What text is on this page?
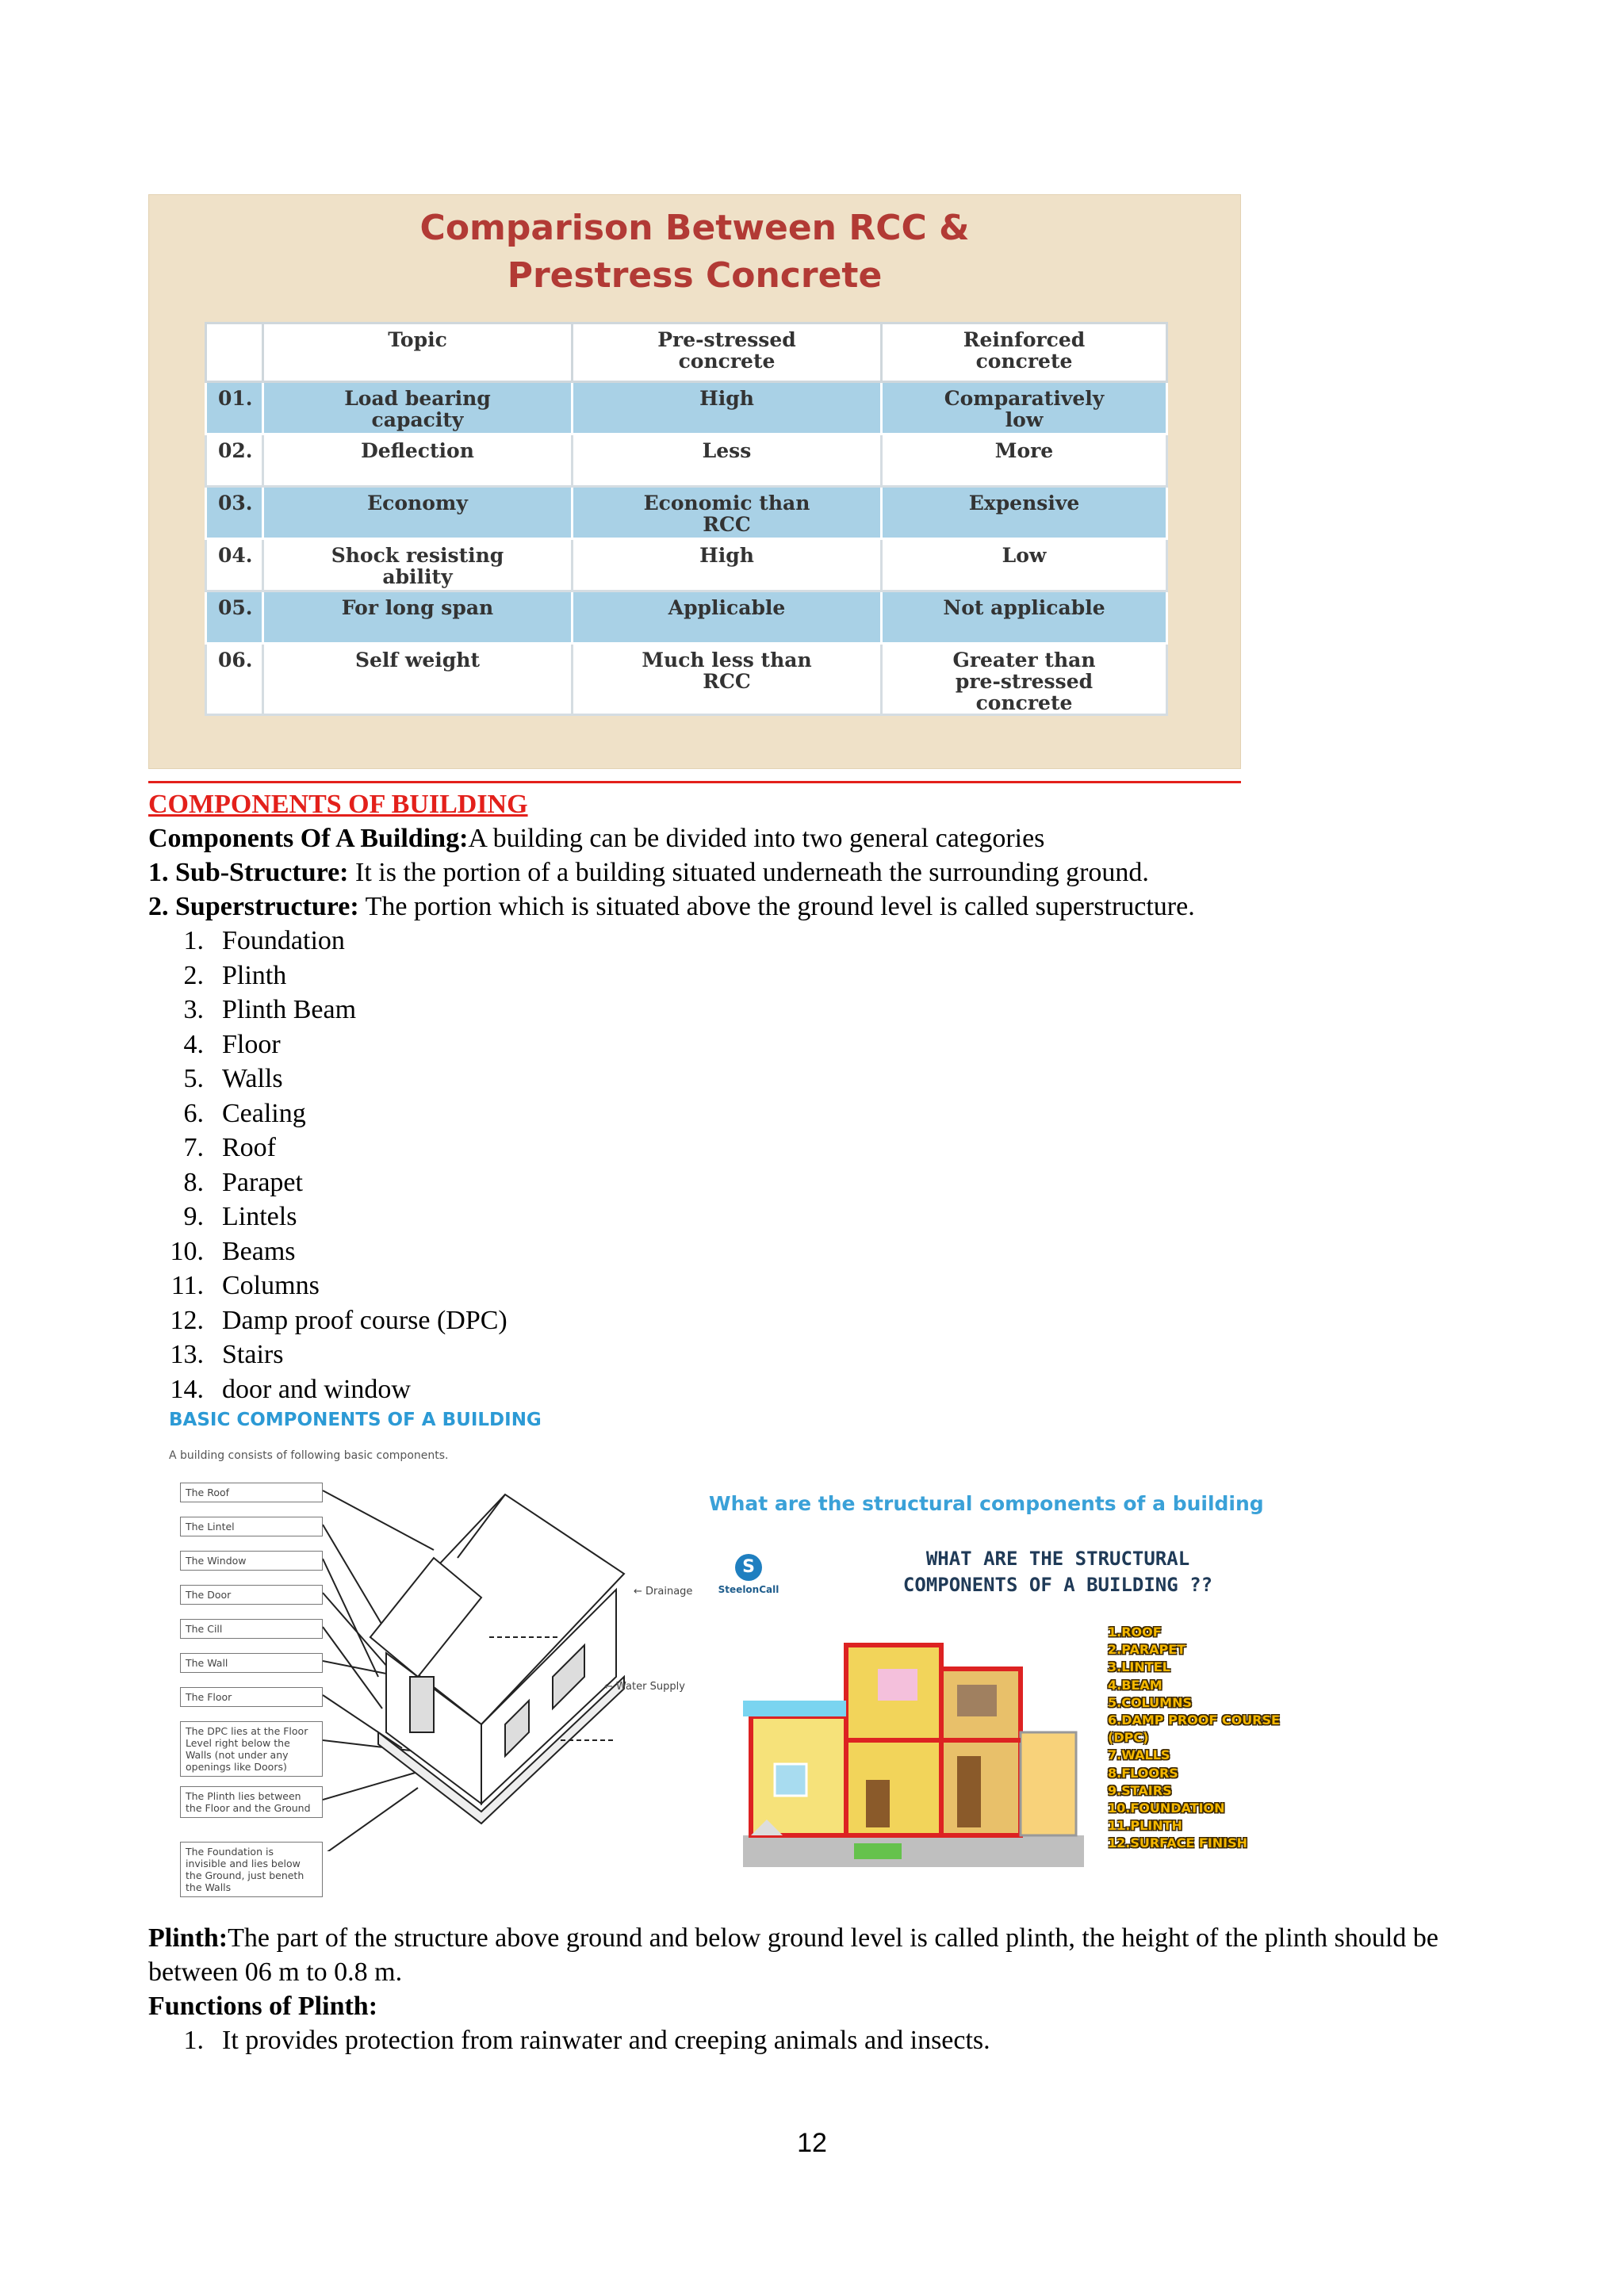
Comparison Between RCC & Prestress Concrete
	Topic	Pre-stressed concrete	Reinforced concrete
01.	Load bearing capacity	High	Comparatively low
02.	Deflection	Less	More
03.	Economy	Economic than RCC	Expensive
04.	Shock resisting ability	High	Low
05.	For long span	Applicable	Not applicable
06.	Self weight	Much less than RCC	Greater than pre-stressed concrete
COMPONENTS OF BUILDING
Components Of A Building:A building can be divided into two general categories
1. Sub-Structure: It is the portion of a building situated underneath the surrounding ground.
2. Superstructure: The portion which is situated above the ground level is called superstructure.
1. Foundation
2. Plinth
3. Plinth Beam
4. Floor
5. Walls
6. Cealing
7. Roof
8. Parapet
9. Lintels
10. Beams
11. Columns
12. Damp proof course (DPC)
13. Stairs
14. door and window
BASIC COMPONENTS OF A BUILDING
A building consists of following basic components.
The Roof
The Lintel
The Window
The Door
The Cill
The Wall
The Floor
The DPC lies at the Floor Level right below the Walls (not under any openings like Doors)
The Plinth lies between the Floor and the Ground
The Foundation is invisible and lies below the Ground, just beneth the Walls
← Drainage
← Water Supply
What are the structural components of a building
S
SteelonCall
WHAT ARE THE STRUCTURAL COMPONENTS OF A BUILDING ??
1.ROOF
2.PARAPET
3.LINTEL
4.BEAM
5.COLUMNS
6.DAMP PROOF COURSE (DPC)
7.WALLS
8.FLOORS
9.STAIRS
10.FOUNDATION
11.PLINTH
12.SURFACE FINISH
Plinth:The part of the structure above ground and below ground level is called plinth, the height of the plinth should be between 06 m to 0.8 m.
Functions of Plinth:
1. It provides protection from rainwater and creeping animals and insects.
12
